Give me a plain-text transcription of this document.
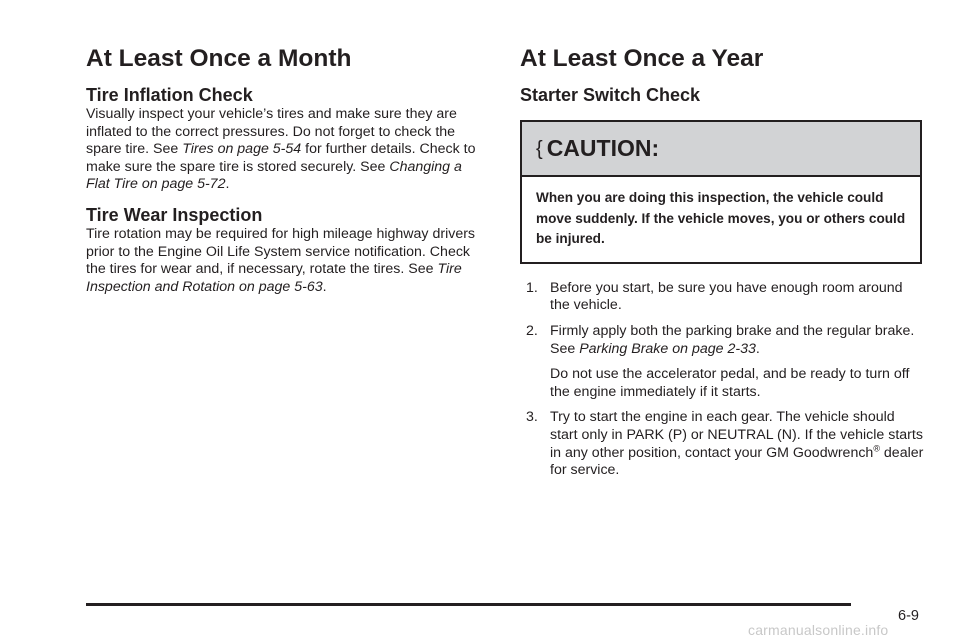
At Least Once a Month
Tire Inflation Check

Visually inspect your vehicle’s tires and make sure they are inflated to the correct pressures. Do not forget to check the spare tire. See Tires on page 5-54 for further details. Check to make sure the spare tire is stored securely. See Changing a Flat Tire on page 5-72.

Tire Wear Inspection

Tire rotation may be required for high mileage highway drivers prior to the Engine Oil Life System service notification. Check the tires for wear and, if necessary, rotate the tires. See Tire Inspection and Rotation on page 5-63.

At Least Once a Year
Starter Switch Check
{ CAUTION:
When you are doing this inspection, the vehicle could move suddenly. If the vehicle moves, you or others could be injured.
1. Before you start, be sure you have enough room around the vehicle.
2. Firmly apply both the parking brake and the regular brake. See Parking Brake on page 2-33.
Do not use the accelerator pedal, and be ready to turn off the engine immediately if it starts.
3. Try to start the engine in each gear. The vehicle should start only in PARK (P) or NEUTRAL (N). If the vehicle starts in any other position, contact your GM Goodwrench® dealer for service.
6-9
carmanualsonline.info
